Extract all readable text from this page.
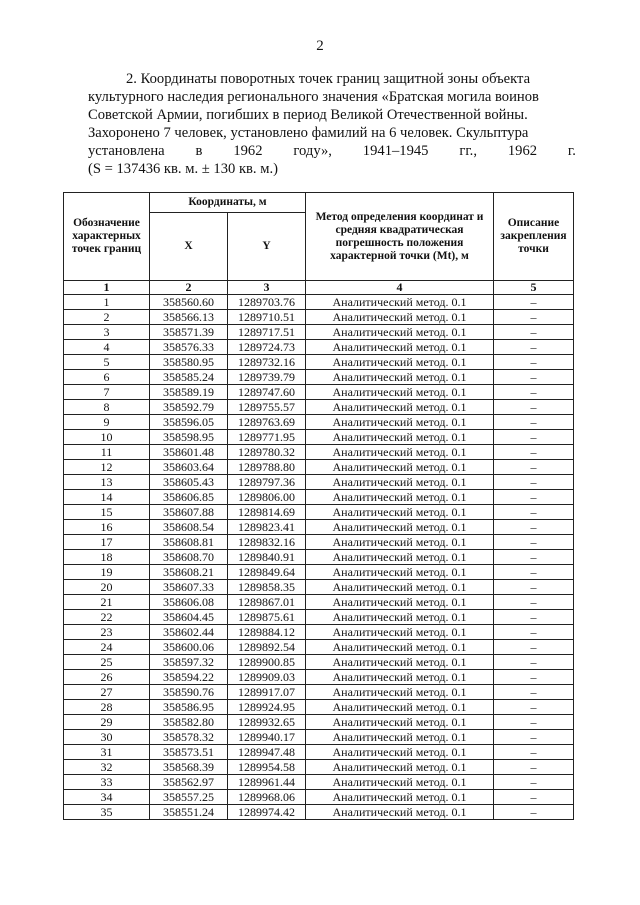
2
2. Координаты поворотных точек границ защитной зоны объекта
культурного наследия регионального значения «Братская могила воинов
Советской Армии, погибших в период Великой Отечественной войны.
Захоронено 7 человек, установлено фамилий на 6 человек. Скульптура
установлена в 1962 году», 1941–1945 гг., 1962 г.
(S = 137436 кв. м. ± 130 кв. м.)
Обозначение характерных точек границ	Координаты, м		Метод определения координат и средняя квадратическая погрешность положения характерной точки (Mt), м	Описание закрепления точки
	X	Y		
1	2	3	4	5
1	358560.60	1289703.76	Аналитический метод. 0.1	–
2	358566.13	1289710.51	Аналитический метод. 0.1	–
3	358571.39	1289717.51	Аналитический метод. 0.1	–
4	358576.33	1289724.73	Аналитический метод. 0.1	–
5	358580.95	1289732.16	Аналитический метод. 0.1	–
6	358585.24	1289739.79	Аналитический метод. 0.1	–
7	358589.19	1289747.60	Аналитический метод. 0.1	–
8	358592.79	1289755.57	Аналитический метод. 0.1	–
9	358596.05	1289763.69	Аналитический метод. 0.1	–
10	358598.95	1289771.95	Аналитический метод. 0.1	–
11	358601.48	1289780.32	Аналитический метод. 0.1	–
12	358603.64	1289788.80	Аналитический метод. 0.1	–
13	358605.43	1289797.36	Аналитический метод. 0.1	–
14	358606.85	1289806.00	Аналитический метод. 0.1	–
15	358607.88	1289814.69	Аналитический метод. 0.1	–
16	358608.54	1289823.41	Аналитический метод. 0.1	–
17	358608.81	1289832.16	Аналитический метод. 0.1	–
18	358608.70	1289840.91	Аналитический метод. 0.1	–
19	358608.21	1289849.64	Аналитический метод. 0.1	–
20	358607.33	1289858.35	Аналитический метод. 0.1	–
21	358606.08	1289867.01	Аналитический метод. 0.1	–
22	358604.45	1289875.61	Аналитический метод. 0.1	–
23	358602.44	1289884.12	Аналитический метод. 0.1	–
24	358600.06	1289892.54	Аналитический метод. 0.1	–
25	358597.32	1289900.85	Аналитический метод. 0.1	–
26	358594.22	1289909.03	Аналитический метод. 0.1	–
27	358590.76	1289917.07	Аналитический метод. 0.1	–
28	358586.95	1289924.95	Аналитический метод. 0.1	–
29	358582.80	1289932.65	Аналитический метод. 0.1	–
30	358578.32	1289940.17	Аналитический метод. 0.1	–
31	358573.51	1289947.48	Аналитический метод. 0.1	–
32	358568.39	1289954.58	Аналитический метод. 0.1	–
33	358562.97	1289961.44	Аналитический метод. 0.1	–
34	358557.25	1289968.06	Аналитический метод. 0.1	–
35	358551.24	1289974.42	Аналитический метод. 0.1	–
